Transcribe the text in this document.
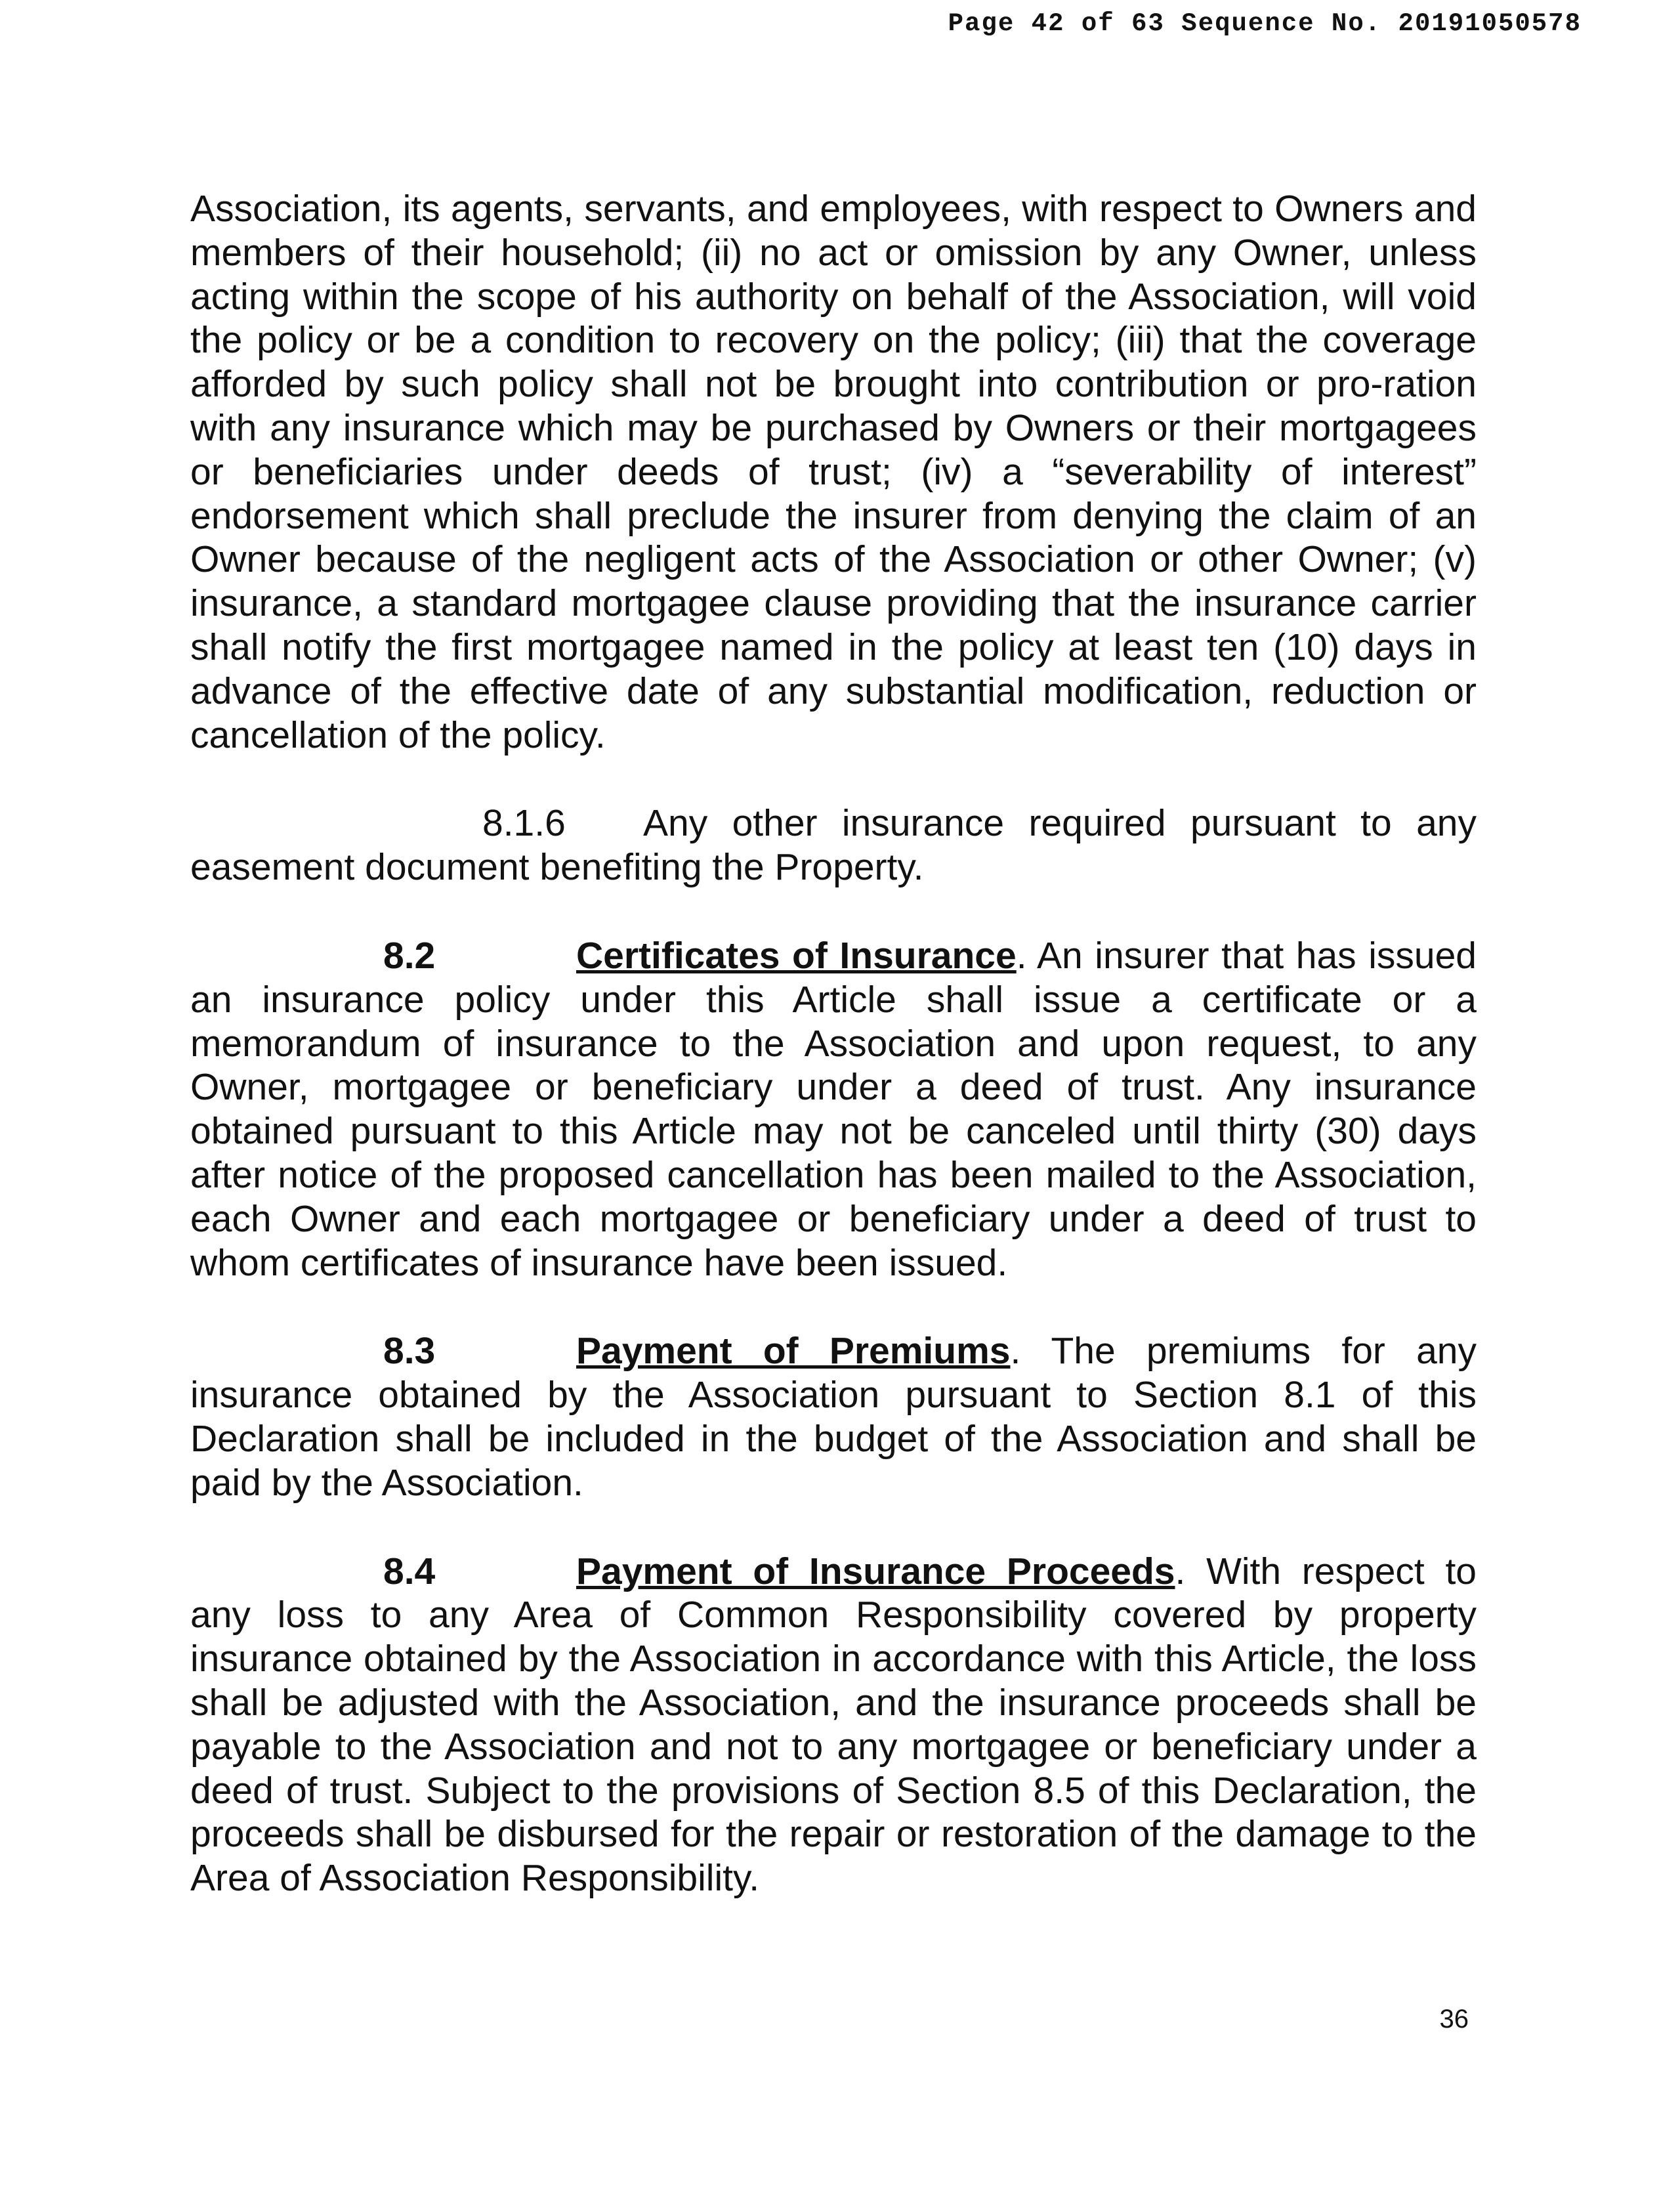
Page 42 of 63 Sequence No. 20191050578

Association, its agents, servants, and employees, with respect to Owners and members of their household; (ii) no act or omission by any Owner, unless acting within the scope of his authority on behalf of the Association, will void the policy or be a condition to recovery on the policy; (iii) that the coverage afforded by such policy shall not be brought into contribution or pro-ration with any insurance which may be purchased by Owners or their mortgagees or beneficiaries under deeds of trust; (iv) a “severability of interest” endorsement which shall preclude the insurer from denying the claim of an Owner because of the negligent acts of the Association or other Owner; (v) insurance, a standard mortgagee clause providing that the insurance carrier shall notify the first mortgagee named in the policy at least ten (10) days in advance of the effective date of any substantial modification, reduction or cancellation of the policy.

8.1.6 Any other insurance required pursuant to any easement document benefiting the Property.

8.2	Certificates of Insurance. An insurer that has issued an insurance policy under this Article shall issue a certificate or a memorandum of insurance to the Association and upon request, to any Owner, mortgagee or beneficiary under a deed of trust. Any insurance obtained pursuant to this Article may not be canceled until thirty (30) days after notice of the proposed cancellation has been mailed to the Association, each Owner and each mortgagee or beneficiary under a deed of trust to whom certificates of insurance have been issued.

8.3	Payment of Premiums. The premiums for any insurance obtained by the Association pursuant to Section 8.1 of this Declaration shall be included in the budget of the Association and shall be paid by the Association.

8.4	Payment of Insurance Proceeds. With respect to any loss to any Area of Common Responsibility covered by property insurance obtained by the Association in accordance with this Article, the loss shall be adjusted with the Association, and the insurance proceeds shall be payable to the Association and not to any mortgagee or beneficiary under a deed of trust. Subject to the provisions of Section 8.5 of this Declaration, the proceeds shall be disbursed for the repair or restoration of the damage to the Area of Association Responsibility.

36
